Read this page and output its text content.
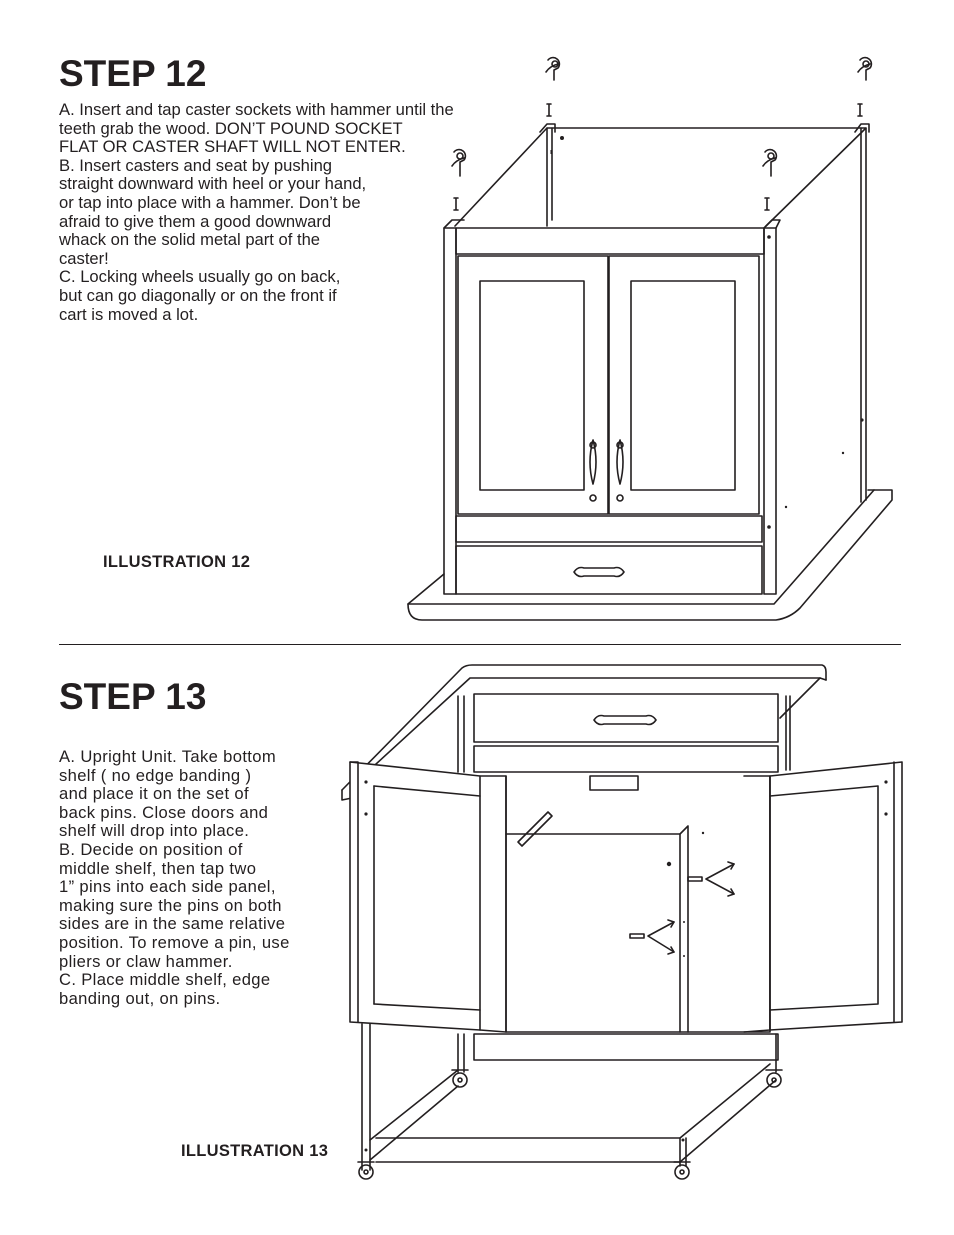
STEP 12
A. Insert and tap caster sockets with hammer until the
teeth grab the wood. DON’T POUND SOCKET
FLAT OR CASTER SHAFT WILL NOT ENTER.
B. Insert casters and seat by pushing
straight downward with heel or your hand,
or tap into place with a hammer. Don’t be
afraid to give them a good downward
whack on the solid metal part of the
caster!
C. Locking wheels usually go on back,
but can go diagonally or on the front if
cart is moved a lot.
ILLUSTRATION 12
STEP 13
A. Upright Unit. Take bottom
shelf ( no edge banding )
and place it on the set of
back pins. Close doors and
shelf will drop into place.
B. Decide on position of
middle shelf, then tap two
1” pins into each side panel,
making sure the pins on both
sides are in the same relative
position. To remove a pin, use
pliers or claw hammer.
C. Place middle shelf, edge
banding out, on pins.
ILLUSTRATION 13
